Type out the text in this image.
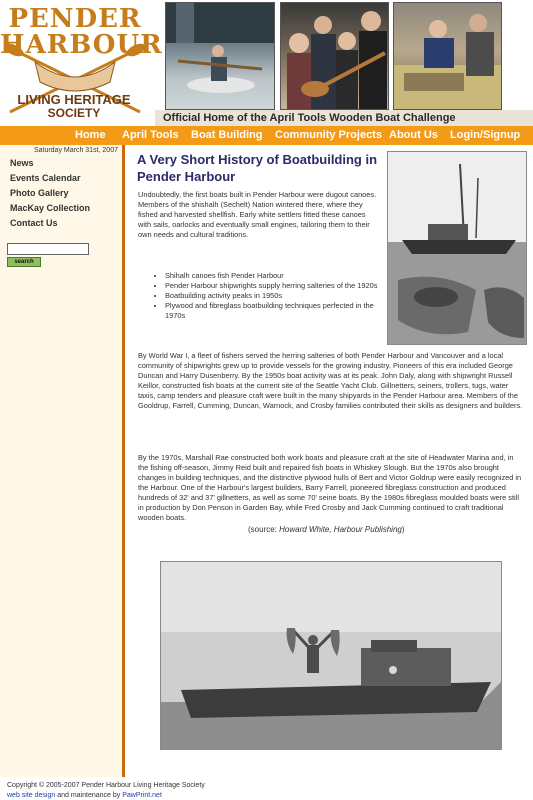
PENDER
HARBOUR
LIVING HERITAGE
SOCIETY	Official Home of the April Tools Wooden Boat Challenge
Home April Tools Boat Building Community Projects About Us Login/Signup
Saturday March 31st, 2007
News
Events Calendar
Photo Gallery
MacKay Collection
Contact Us
search
A Very Short History of Boatbuilding in Pender Harbour

Undoubtedly, the first boats built in Pender Harbour were dugout canoes. Members of the shishalh (Sechelt) Nation wintered there, where they fished and harvested shellfish. Early white settlers fitted these canoes with sails, oarlocks and eventually small engines, tailoring them to their own needs and cultural traditions.

• Shihalh canoes fish Pender Harbour
• Pender Harbour shipwrights supply herring salteries of the 1920s
• Boatbuilding activity peaks in 1950s
• Plywood and fibreglass boatbuilding techniques perfected in the 1970s

By World War I, a fleet of fishers served the herring salteries of both Pender Harbour and Vancouver and a local community of shipwrights grew up to provide vessels for the growing industry. Pioneers of this era included George Duncan and Harry Dusenberry. By the 1950s boat activity was at its peak. John Daly, along with shipwright Russell Keillor, constructed fish boats at the current site of the Seattle Yacht Club. Gillnetters, seiners, trollers, tugs, water taxis, camp tenders and pleasure craft were built in the many shipyards in the Pender Harbour area. Members of the Gooldrup, Farrell, Cumming, Duncan, Warnock, and Crosby families contributed their skills as designers and builders.

By the 1970s, Marshall Rae constructed both work boats and pleasure craft at the site of Headwater Marina and, in the fishing off-season, Jimmy Reid built and repaired fish boats in Whiskey Slough. But the 1970s also brought changes in building techniques, and the distinctive plywood hulls of Bert and Victor Goldrup were easily recognized in the Harbour. One of the Harbour's largest builders, Barry Farrell, pioneered fibreglass construction and produced hundreds of 32' and 37' gillnetters, as well as some 70' seine boats. By the 1980s fibreglass moulded boats were still in production by Don Penson in Garden Bay, while Fred Crosby and Jack Cumming continued to craft traditional wooden boats.

(source: Howard White, Harbour Publishing)
Copyright © 2005-2007 Pender Harbour Living Heritage Society
web site design and maintenance by PawPrint.net
